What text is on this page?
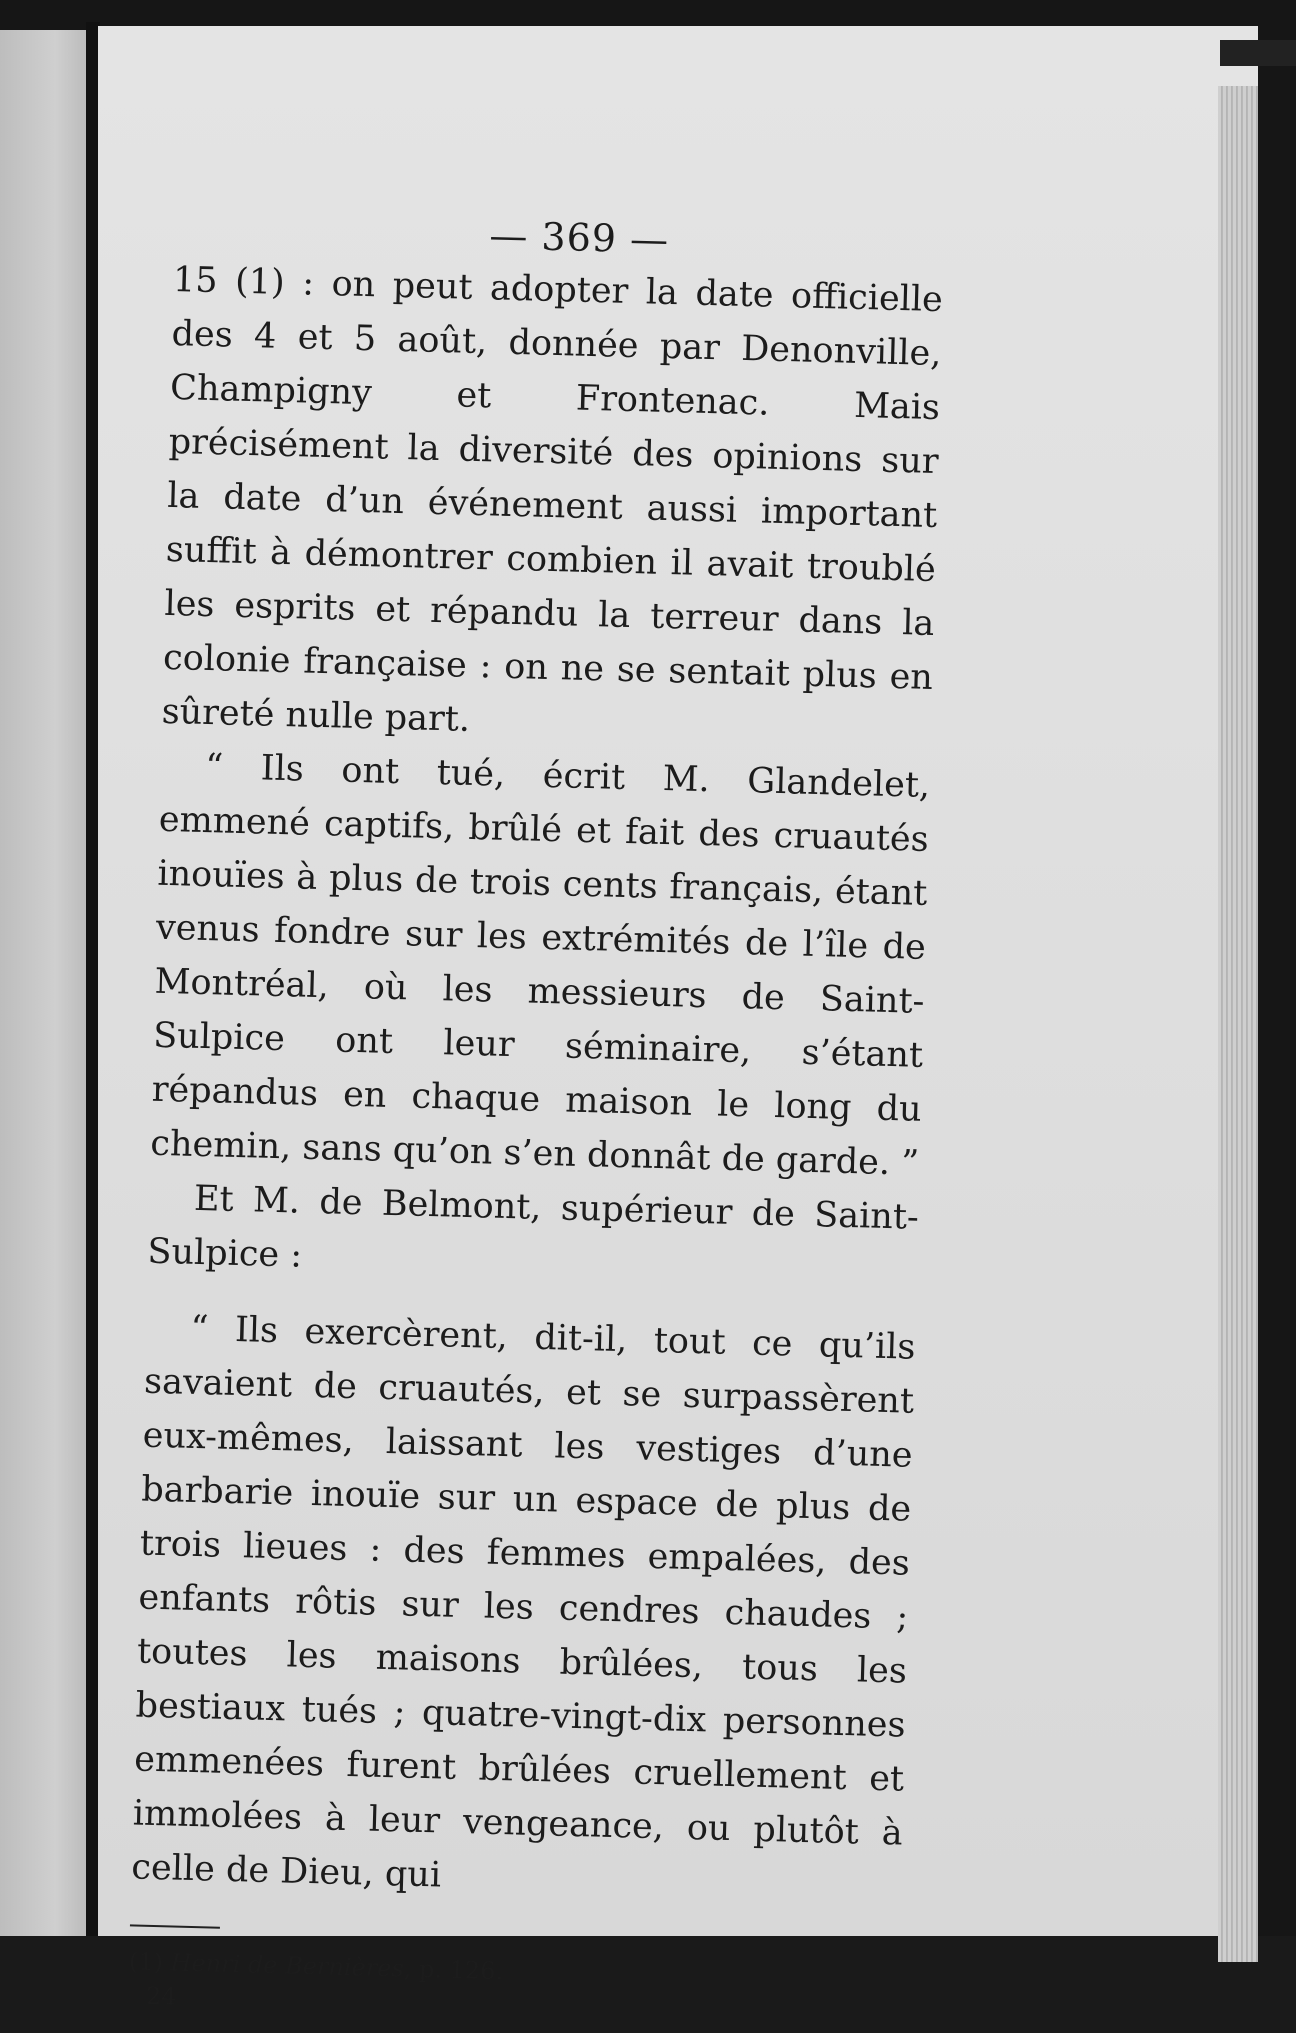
— 369 —

15 (1) : on peut adopter la date officielle des 4 et 5 août, donnée par Denonville, Champigny et Frontenac. Mais précisément la diversité des opinions sur la date d’un événement aussi important suffit à démontrer combien il avait troublé les esprits et répandu la terreur dans la colonie française : on ne se sentait plus en sûreté nulle part.

“ Ils ont tué, écrit M. Glandelet, emmené captifs, brûlé et fait des cruautés inouïes à plus de trois cents français, étant venus fondre sur les extrémités de l’île de Montréal, où les messieurs de Saint-Sulpice ont leur séminaire, s’étant répandus en chaque maison le long du chemin, sans qu’on s’en donnât de garde. ”

Et M. de Belmont, supérieur de Saint-Sulpice :

“ Ils exercèrent, dit-il, tout ce qu’ils savaient de cruautés, et se surpassèrent eux-mêmes, laissant les vestiges d’une barbarie inouïe sur un espace de plus de trois lieues : des femmes empalées, des enfants rôtis sur les cendres chaudes ; toutes les maisons brûlées, tous les bestiaux tués ; quatre-vingt-dix personnes emmenées furent brûlées cruellement et immolées à leur vengeance, ou plutôt à celle de Dieu, qui

(1) Henri de Bernières, p. 126.

24
